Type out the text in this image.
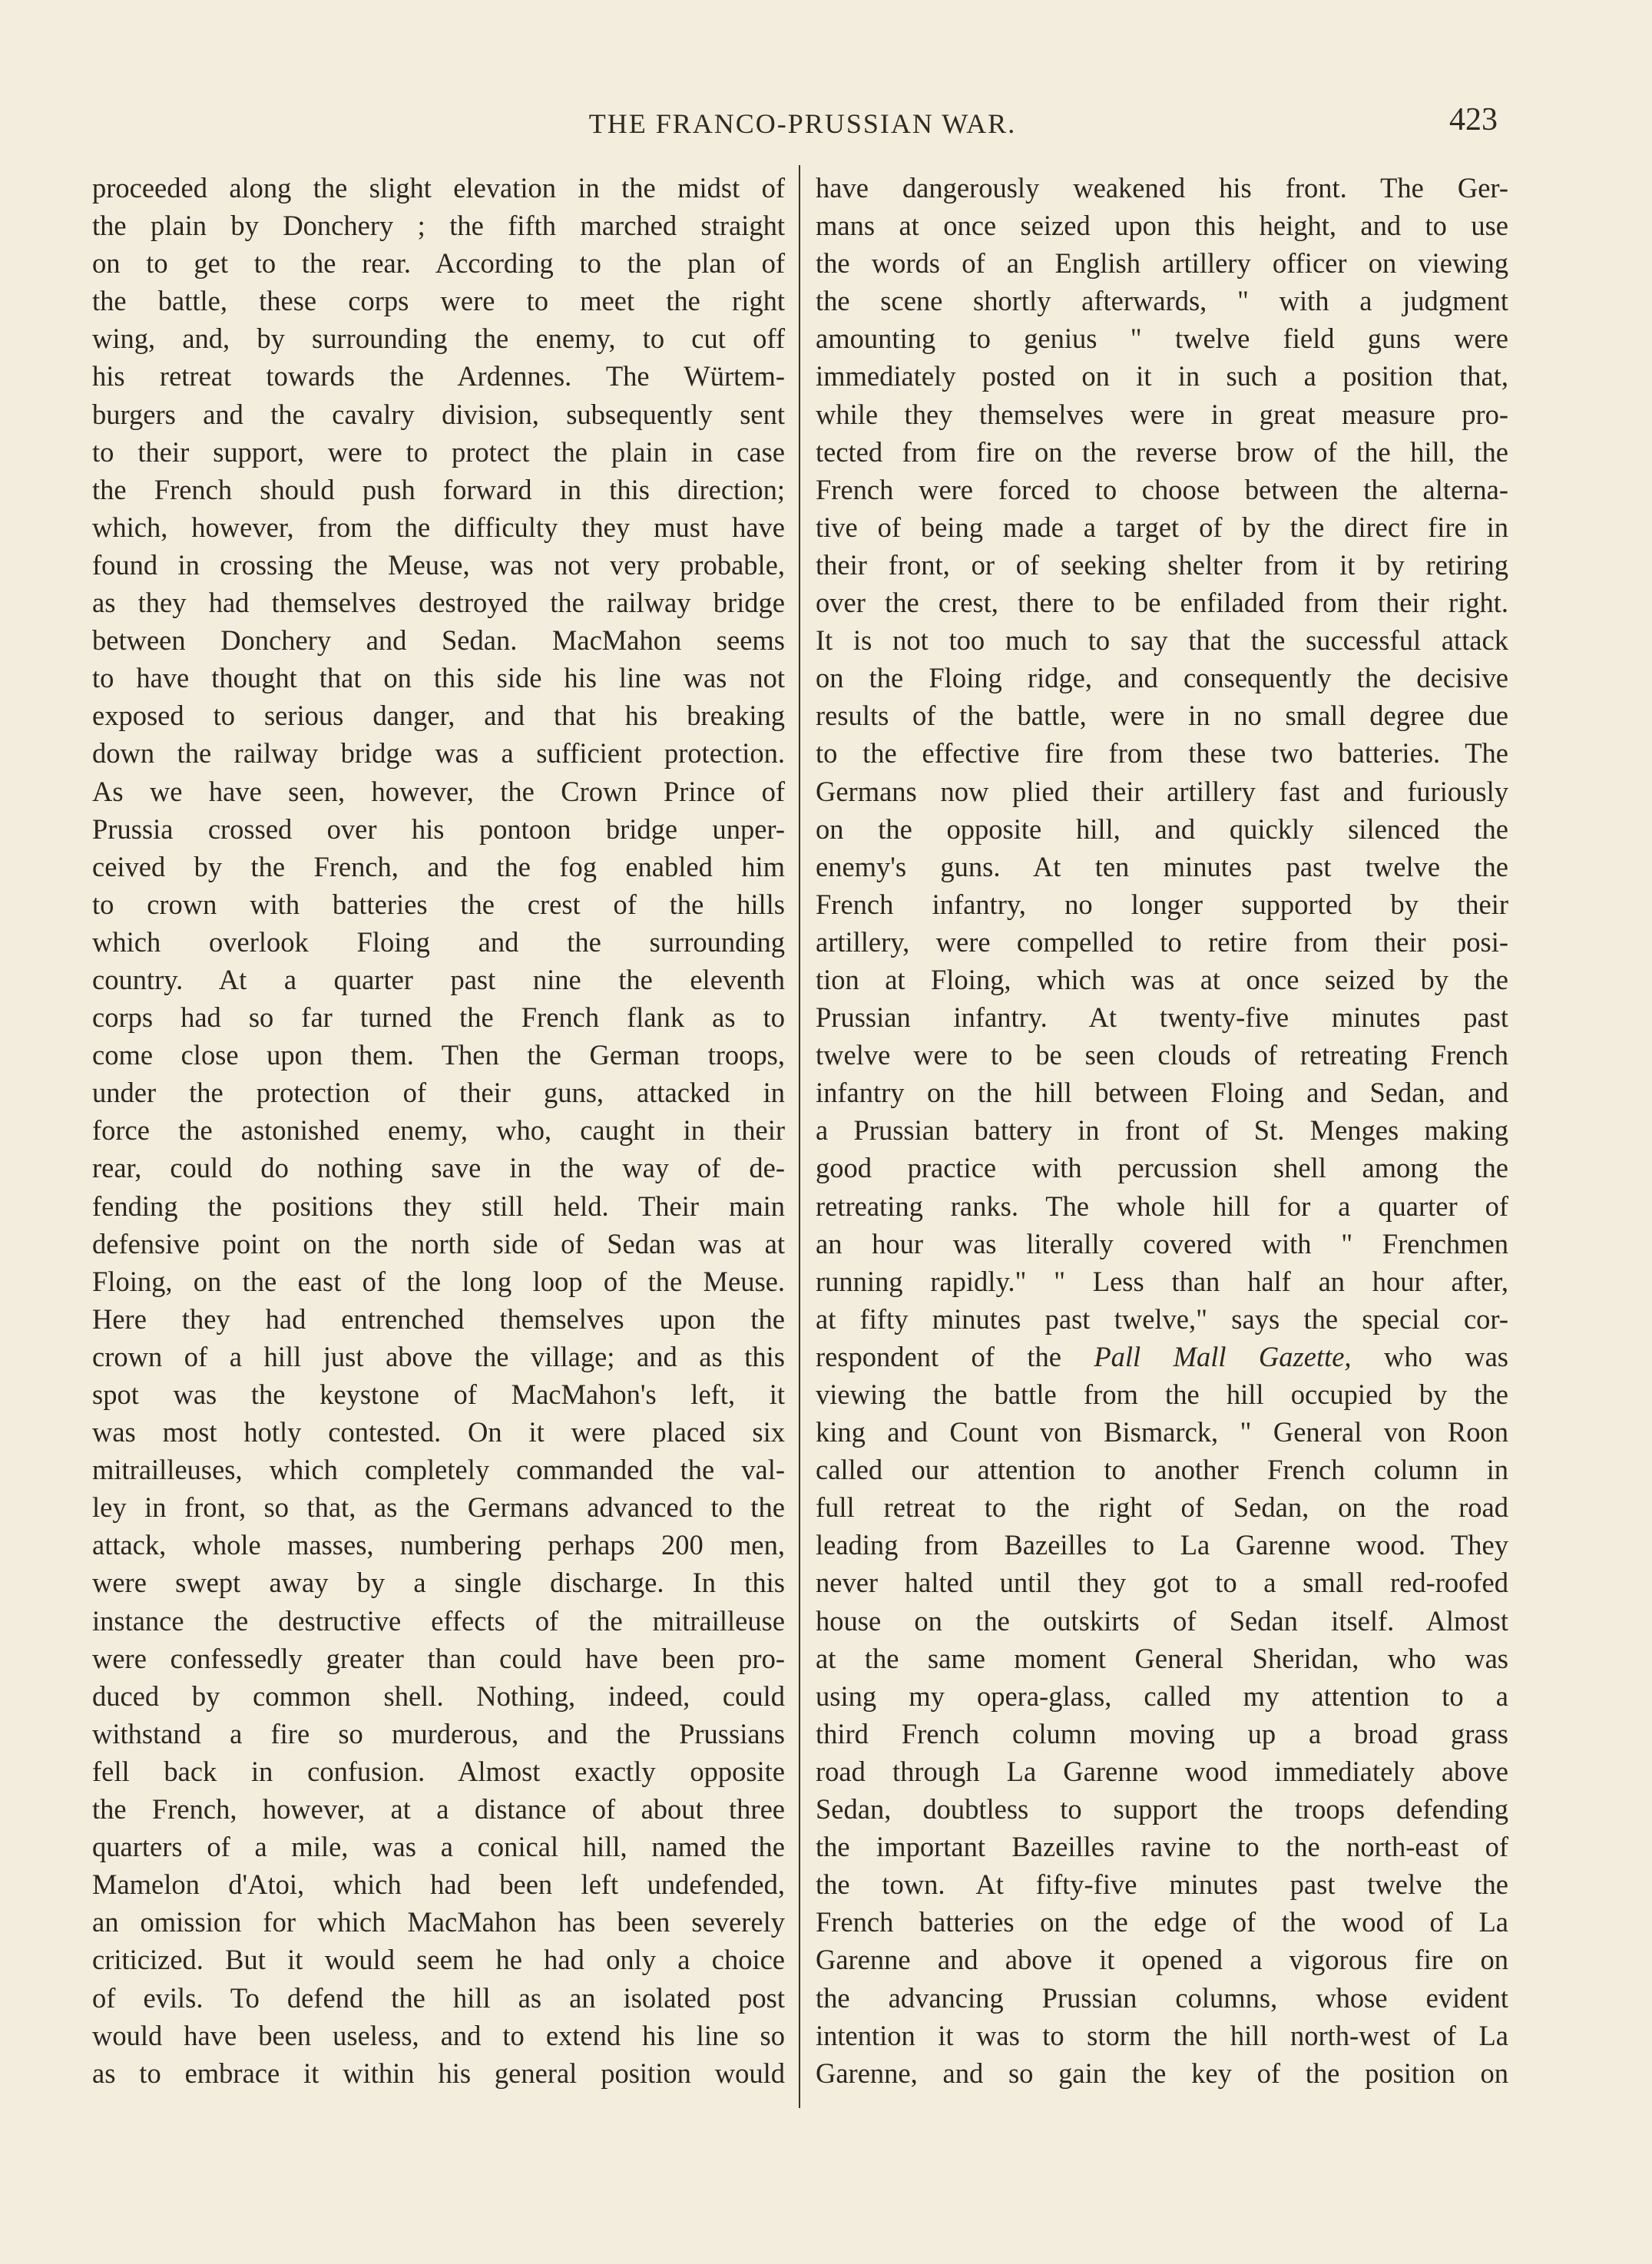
THE FRANCO-PRUSSIAN WAR.	423
proceeded along the slight elevation in the midst of
the plain by Donchery ; the fifth marched straight
on to get to the rear. According to the plan of
the battle, these corps were to meet the right
wing, and, by surrounding the enemy, to cut off
his retreat towards the Ardennes. The Würtem-
burgers and the cavalry division, subsequently sent
to their support, were to protect the plain in case
the French should push forward in this direction;
which, however, from the difficulty they must have
found in crossing the Meuse, was not very probable,
as they had themselves destroyed the railway bridge
between Donchery and Sedan. MacMahon seems
to have thought that on this side his line was not
exposed to serious danger, and that his breaking
down the railway bridge was a sufficient protection.
As we have seen, however, the Crown Prince of
Prussia crossed over his pontoon bridge unper-
ceived by the French, and the fog enabled him
to crown with batteries the crest of the hills
which overlook Floing and the surrounding
country. At a quarter past nine the eleventh
corps had so far turned the French flank as to
come close upon them. Then the German troops,
under the protection of their guns, attacked in
force the astonished enemy, who, caught in their
rear, could do nothing save in the way of de-
fending the positions they still held. Their main
defensive point on the north side of Sedan was at
Floing, on the east of the long loop of the Meuse.
Here they had entrenched themselves upon the
crown of a hill just above the village; and as this
spot was the keystone of MacMahon's left, it
was most hotly contested. On it were placed six
mitrailleuses, which completely commanded the val-
ley in front, so that, as the Germans advanced to the
attack, whole masses, numbering perhaps 200 men,
were swept away by a single discharge. In this
instance the destructive effects of the mitrailleuse
were confessedly greater than could have been pro-
duced by common shell. Nothing, indeed, could
withstand a fire so murderous, and the Prussians
fell back in confusion. Almost exactly opposite
the French, however, at a distance of about three
quarters of a mile, was a conical hill, named the
Mamelon d'Atoi, which had been left undefended,
an omission for which MacMahon has been severely
criticized. But it would seem he had only a choice
of evils. To defend the hill as an isolated post
would have been useless, and to extend his line so
as to embrace it within his general position would
have dangerously weakened his front. The Ger-
mans at once seized upon this height, and to use
the words of an English artillery officer on viewing
the scene shortly afterwards, " with a judgment
amounting to genius " twelve field guns were
immediately posted on it in such a position that,
while they themselves were in great measure pro-
tected from fire on the reverse brow of the hill, the
French were forced to choose between the alterna-
tive of being made a target of by the direct fire in
their front, or of seeking shelter from it by retiring
over the crest, there to be enfiladed from their right.
It is not too much to say that the successful attack
on the Floing ridge, and consequently the decisive
results of the battle, were in no small degree due
to the effective fire from these two batteries. The
Germans now plied their artillery fast and furiously
on the opposite hill, and quickly silenced the
enemy's guns. At ten minutes past twelve the
French infantry, no longer supported by their
artillery, were compelled to retire from their posi-
tion at Floing, which was at once seized by the
Prussian infantry. At twenty-five minutes past
twelve were to be seen clouds of retreating French
infantry on the hill between Floing and Sedan, and
a Prussian battery in front of St. Menges making
good practice with percussion shell among the
retreating ranks. The whole hill for a quarter of
an hour was literally covered with " Frenchmen
running rapidly." " Less than half an hour after,
at fifty minutes past twelve," says the special cor-
respondent of the Pall Mall Gazette, who was
viewing the battle from the hill occupied by the
king and Count von Bismarck, " General von Roon
called our attention to another French column in
full retreat to the right of Sedan, on the road
leading from Bazeilles to La Garenne wood. They
never halted until they got to a small red-roofed
house on the outskirts of Sedan itself. Almost
at the same moment General Sheridan, who was
using my opera-glass, called my attention to a
third French column moving up a broad grass
road through La Garenne wood immediately above
Sedan, doubtless to support the troops defending
the important Bazeilles ravine to the north-east of
the town. At fifty-five minutes past twelve the
French batteries on the edge of the wood of La
Garenne and above it opened a vigorous fire on
the advancing Prussian columns, whose evident
intention it was to storm the hill north-west of La
Garenne, and so gain the key of the position on
